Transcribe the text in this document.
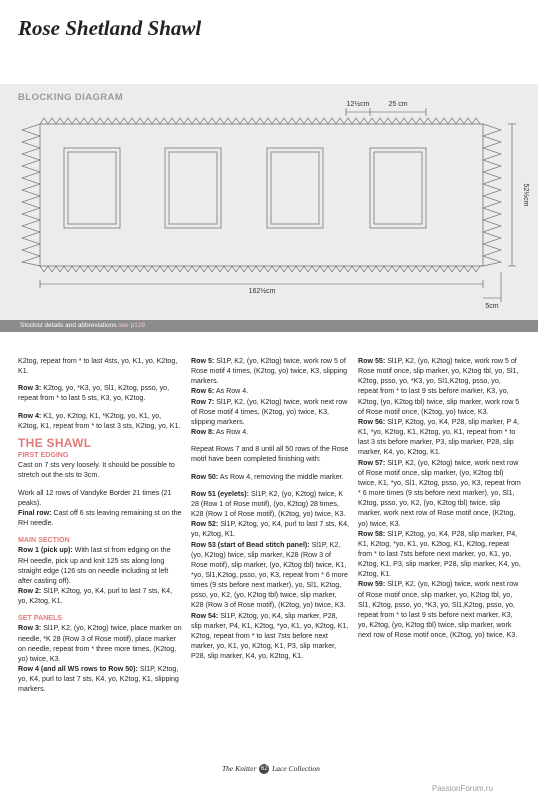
Rose Shetland Shawl
BLOCKING DIAGRAM
12½cm	25 cm
52½cm
162½cm
5cm
Stockist details and abbreviations see p129

K2tog, repeat from * to last 4sts, yo, K1, yo, K2tog, K1.

Row 3: K2tog, yo, *K3, yo, Sl1, K2tog, psso, yo, repeat from * to last 5 sts, K3, yo, K2tog.

Row 4: K1, yo, K2tog, K1, *K2tog, yo, K1, yo, K2tog, K1, repeat from * to last 3 sts, K2tog, yo, K1.

THE SHAWL
FIRST EDGING

Cast on 7 sts very loosely. It should be possible to stretch out the sts to 3cm.

Work all 12 rows of Vandyke Border 21 times (21 peaks).

Final row: Cast off 6 sts leaving remaining st on the RH needle.

MAIN SECTION

Row 1 (pick up): With last st from edging on the RH needle, pick up and knit 125 sts along long straight edge (126 sts on needle including st left after casting off).

Row 2: Sl1P, K2tog, yo, K4, purl to last 7 sts, K4, yo, K2tog, K1.

SET PANELS

Row 3: Sl1P, K2, (yo, K2tog) twice, place marker on needle, *K 28 (Row 3 of Rose motif), place marker on needle, repeat from * three more times, (K2tog, yo) twice, K3.

Row 4 (and all WS rows to Row 50): Sl1P, K2tog, yo, K4, purl to last 7 sts, K4, yo, K2tog, K1, slipping markers.

Row 5: Sl1P, K2, (yo, K2tog) twice, work row 5 of Rose motif 4 times, (K2tog, yo) twice, K3, slipping markers.

Row 6: As Row 4.

Row 7: Sl1P, K2, (yo, K2tog) twice, work next row of Rose motif 4 times, (K2tog, yo) twice, K3, slipping markers.

Row 8: As Row 4.

Repeat Rows 7 and 8 until all 50 rows of the Rose motif have been completed finishing with:

Row 50: As Row 4, removing the middle marker.

Row 51 (eyelets): Sl1P, K2, (yo, K2tog) twice, K 28 (Row 1 of Rose motif), (yo, K2tog) 28 times, K28 (Row 1 of Rose motif), (K2tog, yo) twice, K3.

Row 52: Sl1P, K2tog, yo, K4, purl to last 7 sts, K4, yo, K2tog, K1.

Row 53 (start of Bead stitch panel): Sl1P, K2, (yo, K2tog) twice, slip marker, K28 (Row 3 of Rose motif), slip marker, (yo, K2tog tbl) twice, K1, *yo, Sl1,K2tog, psso, yo, K3, repeat from * 6 more times (9 sts before next marker), yo, Sl1, K2tog, psso, yo, K2, (yo, K2tog tbl) twice, slip marker, K28 (Row 3 of Rose motif), (K2tog, yo) twice, K3.

Row 54: Sl1P, K2tog, yo, K4, slip marker, P28, slip marker, P4, K1, K2tog, *yo, K1, yo, K2tog, K1, K2tog, repeat from * to last 7sts before next marker, yo, K1, yo, K2tog, K1, P3, slip marker, P28, slip marker, K4, yo, K2tog, K1.

Row 55: Sl1P, K2, (yo, K2tog) twice, work row 5 of Rose motif once, slip marker, yo, K2tog tbl, yo, Sl1, K2tog, psso, yo, *K3, yo, Sl1,K2tog, psso, yo, repeat from * to last 9 sts before marker, K3, yo, K2tog, (yo, K2tog tbl) twice, slip marker, work row 5 of Rose motif once, (K2tog, yo) twice, K3.

Row 56: Sl1P, K2tog, yo, K4, P28, slip marker, P 4, K1, *yo, K2tog, K1, K2tog, yo, K1, repeat from * to last 3 sts before marker, P3, slip marker, P28, slip marker, K4, yo, K2tog, K1.

Row 57: Sl1P, K2, (yo, K2tog) twice, work next row of Rose motif once, slip marker, (yo, K2tog tbl) twice, K1, *yo, Sl1, K2tog, psso, yo, K3, repeat from * 6 more times (9 sts before next marker), yo, Sl1, K2tog, psso, yo, K2, (yo, K2tog tbl) twice, slip marker, work next row of Rose motif once, (K2tog, yo) twice, K3.

Row 58: Sl1P, K2tog, yo, K4, P28, slip marker, P4, K1, K2tog, *yo, K1, yo, K2tog, K1, K2tog, repeat from * to last 7sts before next marker, yo, K1, yo, K2tog, K1, P3, slip marker, P28, slip marker, K4, yo, K2tog, K1.

Row 59: Sl1P, K2, (yo, K2tog) twice, work next row of Rose motif once, slip marker, yo, K2tog tbl, yo, Sl1, K2tog, psso, yo, *K3, yo, Sl1,K2tog, psso, yo, repeat from * to last 9 sts before next marker, K3, yo, K2tog, (yo, K2tog tbl) twice, slip marker, work next row of Rose motif once, (K2tog, yo) twice, K3.

The Knitter 62 Lace Collection
PassionForum.ru
